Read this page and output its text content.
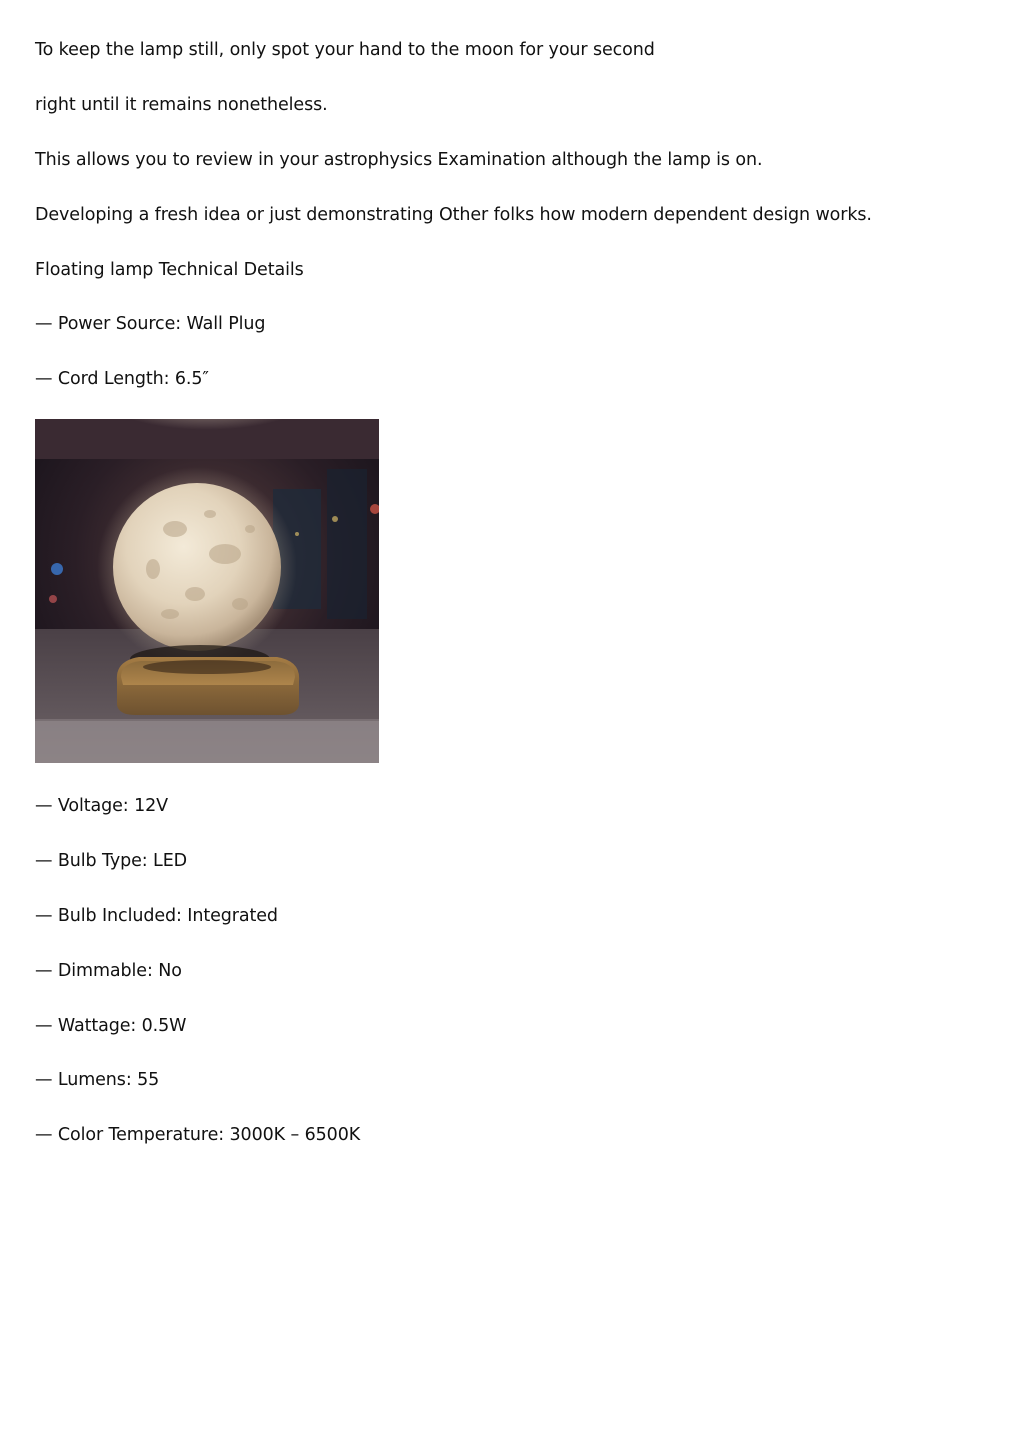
To keep the lamp still, only spot your hand to the moon for your second
right until it remains nonetheless.
This allows you to review in your astrophysics Examination although the lamp is on.
Developing a fresh idea or just demonstrating Other folks how modern dependent design works.
Floating lamp Technical Details
— Power Source: Wall Plug
— Cord Length: 6.5″
— Voltage: 12V
— Bulb Type: LED
— Bulb Included: Integrated
— Dimmable: No
— Wattage: 0.5W
— Lumens: 55
— Color Temperature: 3000K – 6500K
